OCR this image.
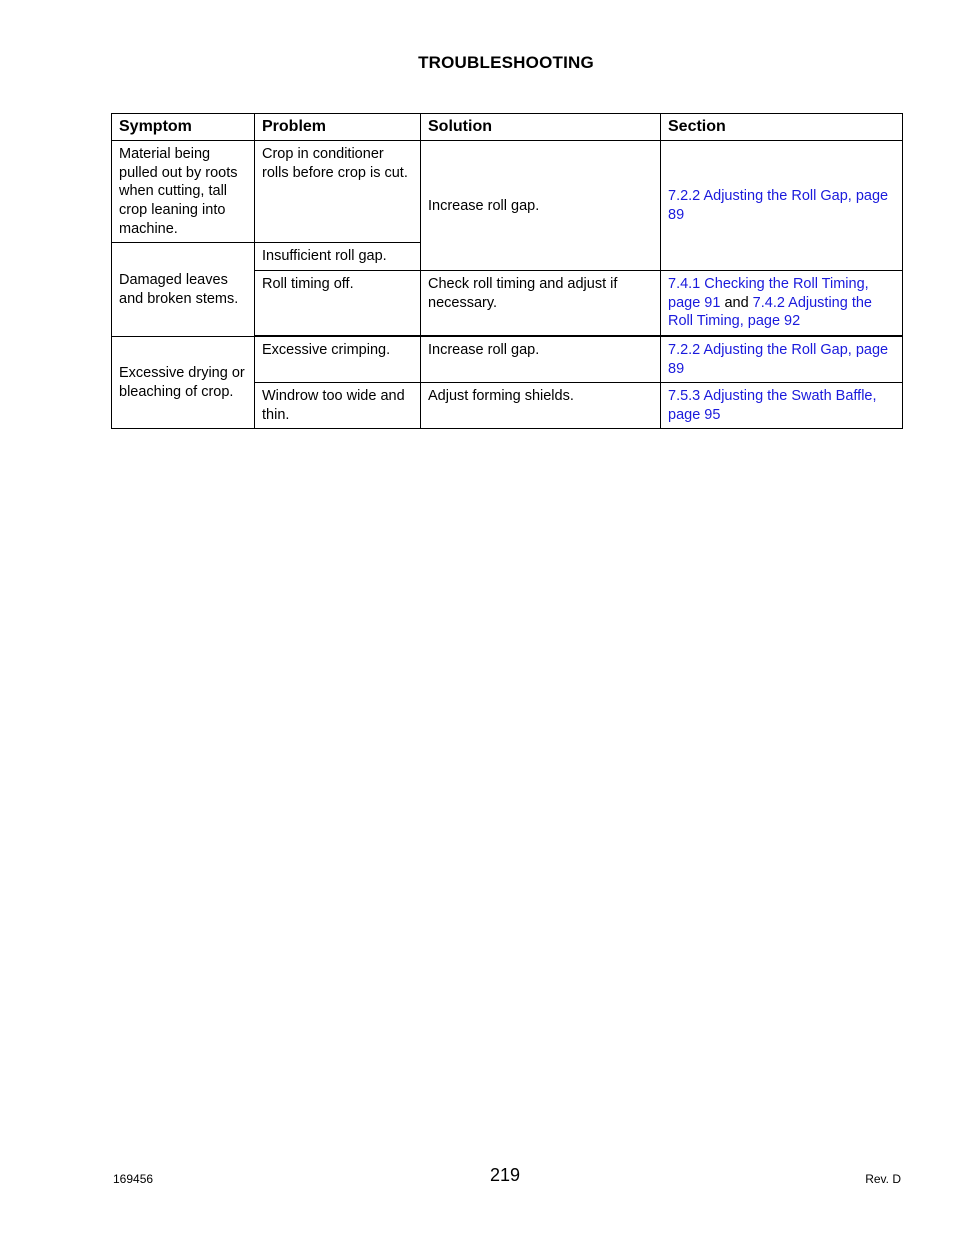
TROUBLESHOOTING
Symptom	Problem	Solution	Section
Material being pulled out by roots when cutting, tall crop leaning into machine.	Crop in conditioner rolls before crop is cut.	Increase roll gap.	7.2.2 Adjusting the Roll Gap, page 89
Damaged leaves and broken stems.	Insufficient roll gap.		
	Roll timing off.	Check roll timing and adjust if necessary.	7.4.1 Checking the Roll Timing, page 91 and 7.4.2 Adjusting the Roll Timing, page 92
Excessive drying or bleaching of crop.	Excessive crimping.	Increase roll gap.	7.2.2 Adjusting the Roll Gap, page 89
	Windrow too wide and thin.	Adjust forming shields.	7.5.3 Adjusting the Swath Baffle, page 95
169456	219	Rev. D
